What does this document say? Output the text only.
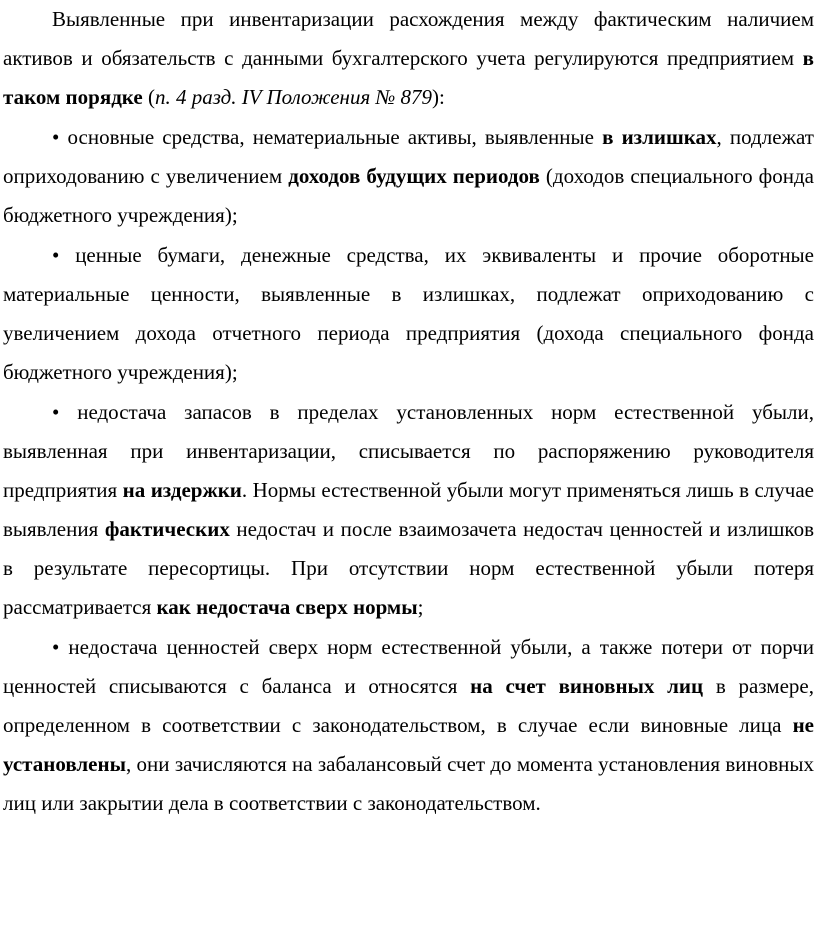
Выявленные при инвентаризации расхождения между фактическим наличием активов и обязательств с данными бухгалтерского учета регулируются предприятием в таком порядке (п. 4 разд. IV Положения № 879):

• основные средства, нематериальные активы, выявленные в излишках, подлежат оприходованию с увеличением доходов будущих периодов (доходов специального фонда бюджетного учреждения);

• ценные бумаги, денежные средства, их эквиваленты и прочие оборотные материальные ценности, выявленные в излишках, подлежат оприходованию с увеличением дохода отчетного периода предприятия (дохода специального фонда бюджетного учреждения);

• недостача запасов в пределах установленных норм естественной убыли, выявленная при инвентаризации, списывается по распоряжению руководителя предприятия на издержки. Нормы естественной убыли могут применяться лишь в случае выявления фактических недостач и после взаимозачета недостач ценностей и излишков в результате пересортицы. При отсутствии норм естественной убыли потеря рассматривается как недостача сверх нормы;

• недостача ценностей сверх норм естественной убыли, а также потери от порчи ценностей списываются с баланса и относятся на счет виновных лиц в размере, определенном в соответствии с законодательством, в случае если виновные лица не установлены, они зачисляются на забалансовый счет до момента установления виновных лиц или закрытии дела в соответствии с законодательством.
